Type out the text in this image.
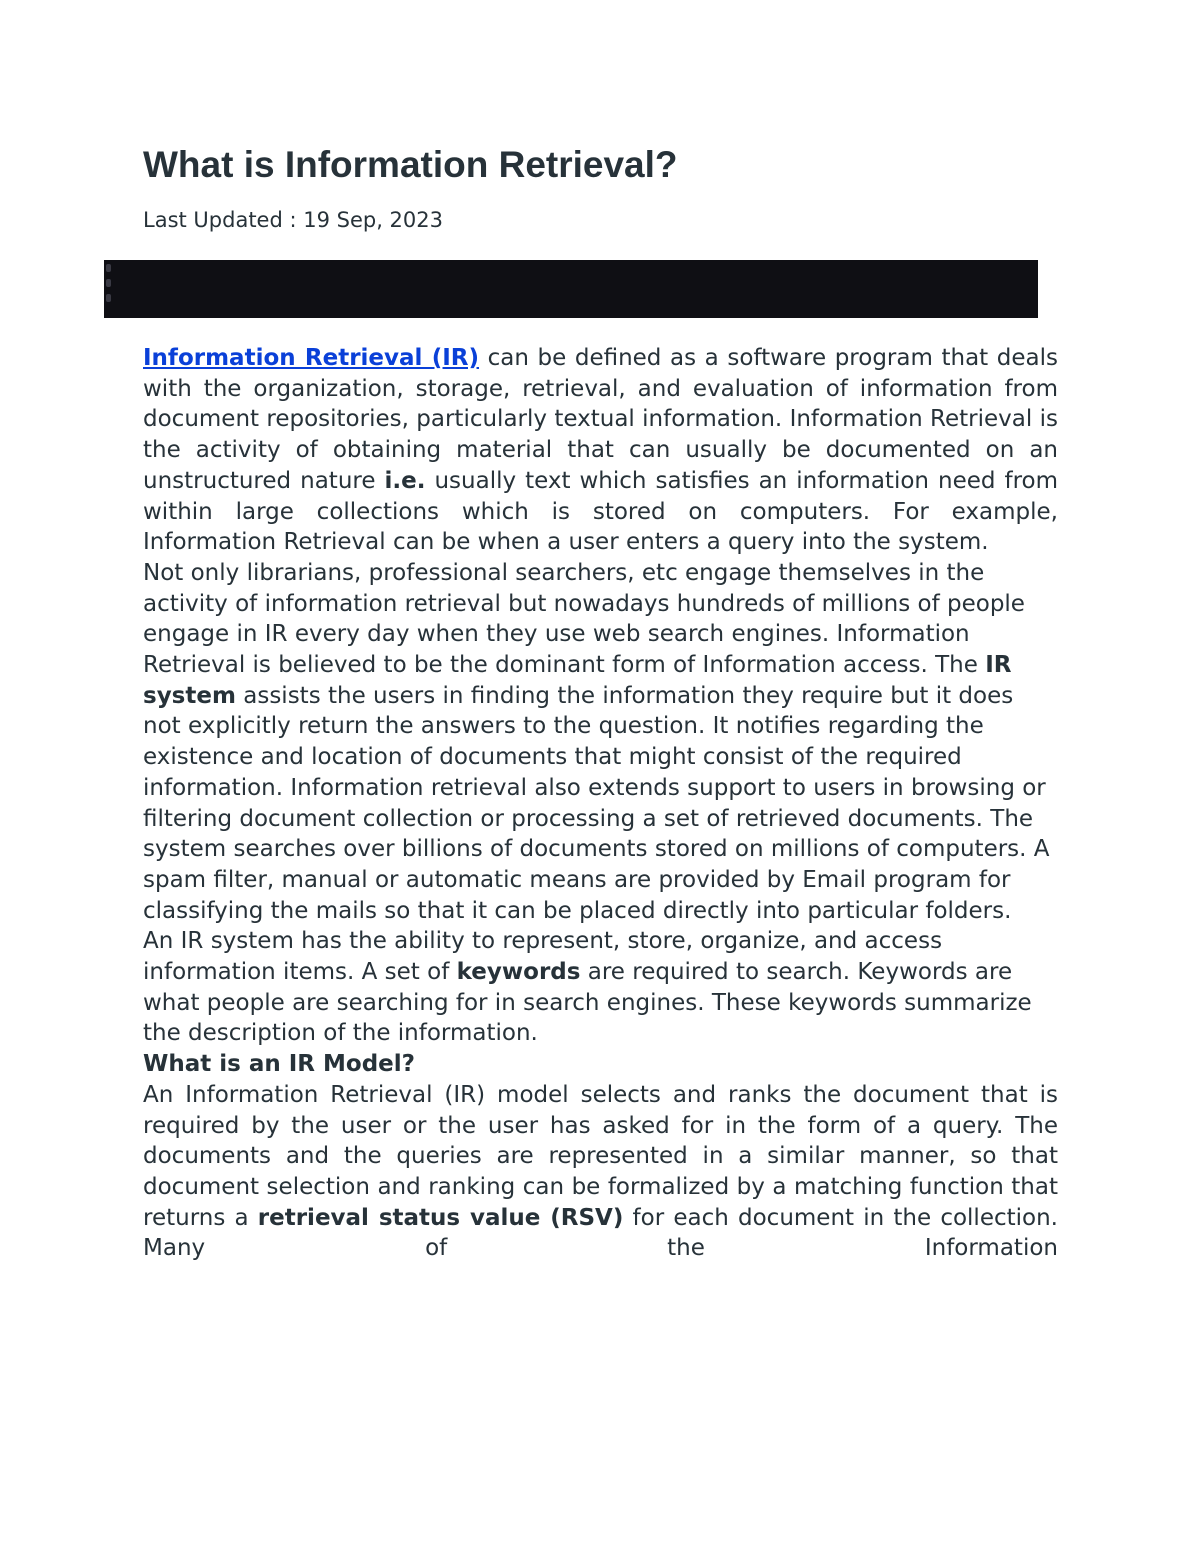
What is Information Retrieval?
Last Updated : 19 Sep, 2023

Information Retrieval (IR) can be defined as a software program that deals with the organization, storage, retrieval, and evaluation of information from document repositories, particularly textual information. Information Retrieval is the activity of obtaining material that can usually be documented on an unstructured nature i.e. usually text which satisfies an information need from within large collections which is stored on computers. For example, Information Retrieval can be when a user enters a query into the system.

Not only librarians, professional searchers, etc engage themselves in the activity of information retrieval but nowadays hundreds of millions of people engage in IR every day when they use web search engines. Information Retrieval is believed to be the dominant form of Information access. The IR system assists the users in finding the information they require but it does not explicitly return the answers to the question. It notifies regarding the existence and location of documents that might consist of the required information. Information retrieval also extends support to users in browsing or filtering document collection or processing a set of retrieved documents. The system searches over billions of documents stored on millions of computers. A spam filter, manual or automatic means are provided by Email program for classifying the mails so that it can be placed directly into particular folders.

An IR system has the ability to represent, store, organize, and access information items. A set of keywords are required to search. Keywords are what people are searching for in search engines. These keywords summarize the description of the information.

What is an IR Model?

An Information Retrieval (IR) model selects and ranks the document that is required by the user or the user has asked for in the form of a query. The documents and the queries are represented in a similar manner, so that document selection and ranking can be formalized by a matching function that returns a retrieval status value (RSV) for each document in the collection. Many of the Information
